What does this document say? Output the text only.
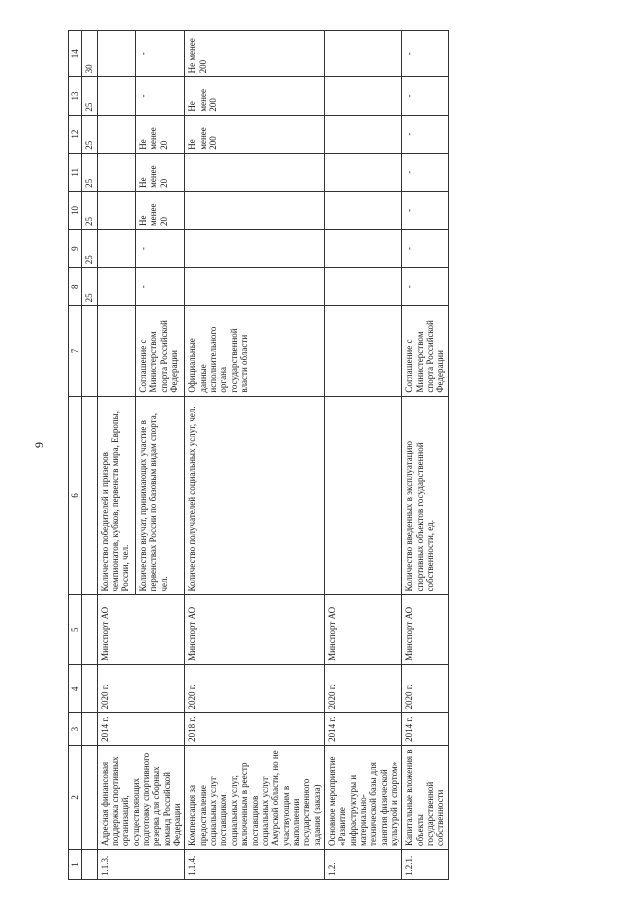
9
1	2	3	4	5	6	7	8	9	10	11	12	13	14
							25	25	25	25	25	25	30
1.1.3.	Адресная финансовая поддержка спортивных организаций, осуществляющих подготовку спортивного резерва для сборных команд Российской Федерации	2014 г.	2020 г.	Минспорт АО	Количество победителей и призеров чемпионатов, кубков, первенств мира, Европы, России, чел.								
					Количество внучат, принимающих участие в первенствах России по базовым видам спорта, чел.	Соглашение с Министерством спорта Российской Федерации	-	-	Не менее 20	Не менее 20	Не менее 20	-	-
1.1.4.	Компенсация за предоставление социальных услуг поставщиком социальных услуг, включенным в реестр поставщиков социальных услуг Амурской области, но не участвующим в выполнении государственного задания (заказа)	2018 г.	2020 г.	Минспорт АО	Количество получателей социальных услуг, чел.	Официальные данные исполнительного органа государственной власти области					Не менее 200	Не менее 200	Не менее 200
1.2.	Основное мероприятие «Развитие инфраструктуры и материально-технической базы для занятия физической культурой и спортом»	2014 г.	2020 г.	Минспорт АО									
1.2.1.	Капитальные вложения в объекты государственной собственности	2014 г.	2020 г.	Минспорт АО	Количество введенных в эксплуатацию спортивных объектов государственной собственности, ед.	Соглашение с Министерством спорта Российской Федерации	-	-	-	-	-	-	-
